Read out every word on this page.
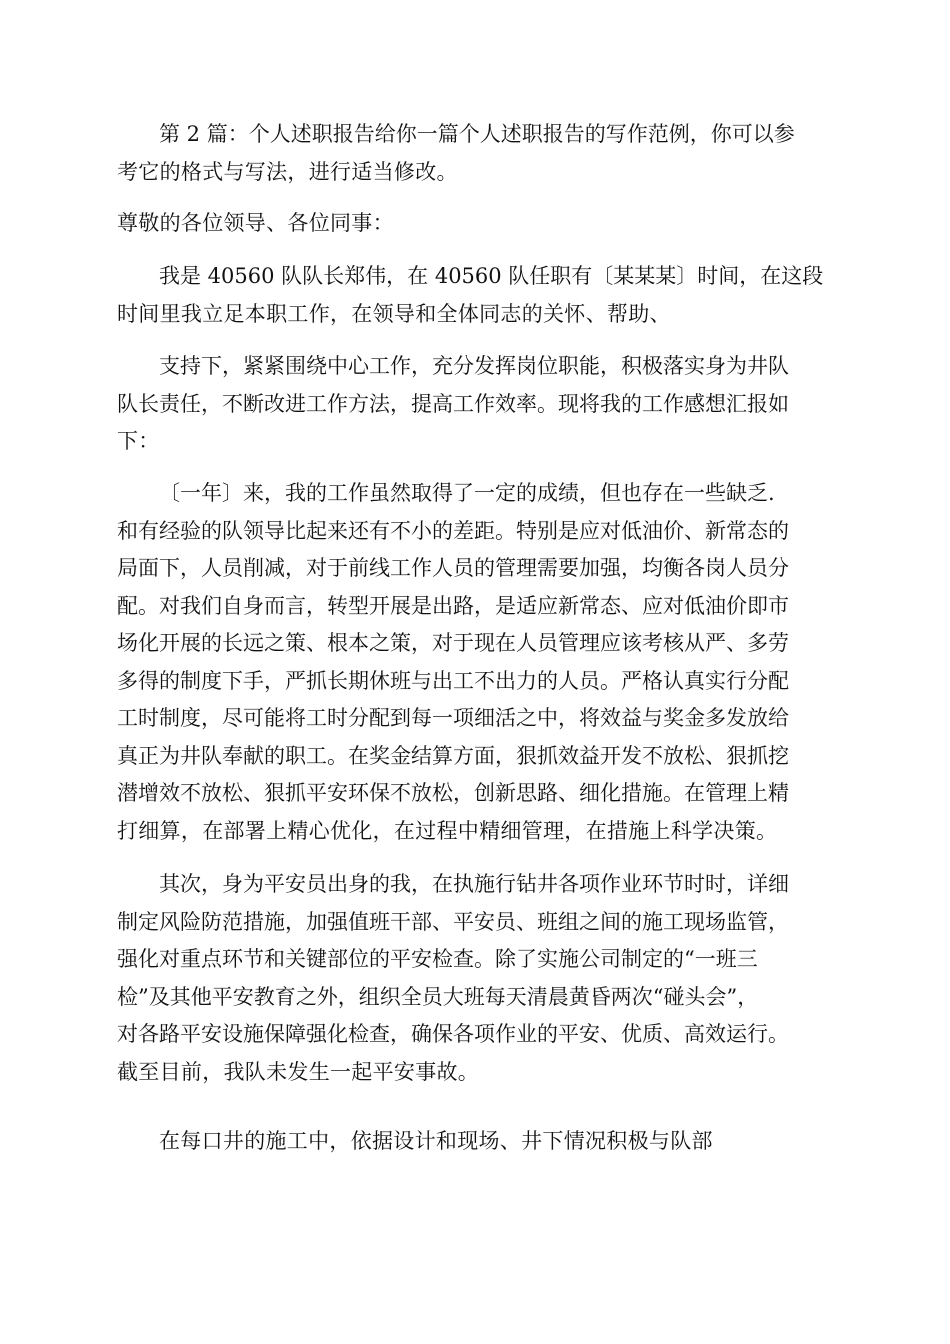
第 2 篇：个人述职报告给你一篇个人述职报告的写作范例，你可以参
考它的格式与写法，进行适当修改。
尊敬的各位领导、各位同事：
我是 40560 队队长郑伟，在 40560 队任职有〔某某某〕时间，在这段
时间里我立足本职工作，在领导和全体同志的关怀、帮助、
支持下，紧紧围绕中心工作，充分发挥岗位职能，积极落实身为井队
队长责任，不断改进工作方法，提高工作效率。现将我的工作感想汇报如
下：
〔一年〕来，我的工作虽然取得了一定的成绩，但也存在一些缺乏.
和有经验的队领导比起来还有不小的差距。特别是应对低油价、新常态的
局面下，人员削减，对于前线工作人员的管理需要加强，均衡各岗人员分
配。对我们自身而言，转型开展是出路，是适应新常态、应对低油价即市
场化开展的长远之策、根本之策，对于现在人员管理应该考核从严、多劳
多得的制度下手，严抓长期休班与出工不出力的人员。严格认真实行分配
工时制度，尽可能将工时分配到每一项细活之中，将效益与奖金多发放给
真正为井队奉献的职工。在奖金结算方面，狠抓效益开发不放松、狠抓挖
潜增效不放松、狠抓平安环保不放松，创新思路、细化措施。在管理上精
打细算，在部署上精心优化，在过程中精细管理，在措施上科学决策。
其次，身为平安员出身的我，在执施行钻井各项作业环节时时，详细
制定风险防范措施，加强值班干部、平安员、班组之间的施工现场监管，
强化对重点环节和关键部位的平安检查。除了实施公司制定的“一班三
检”及其他平安教育之外，组织全员大班每天清晨黄昏两次“碰头会”，
对各路平安设施保障强化检查，确保各项作业的平安、优质、高效运行。
截至目前，我队未发生一起平安事故。
在每口井的施工中，依据设计和现场、井下情况积极与队部
